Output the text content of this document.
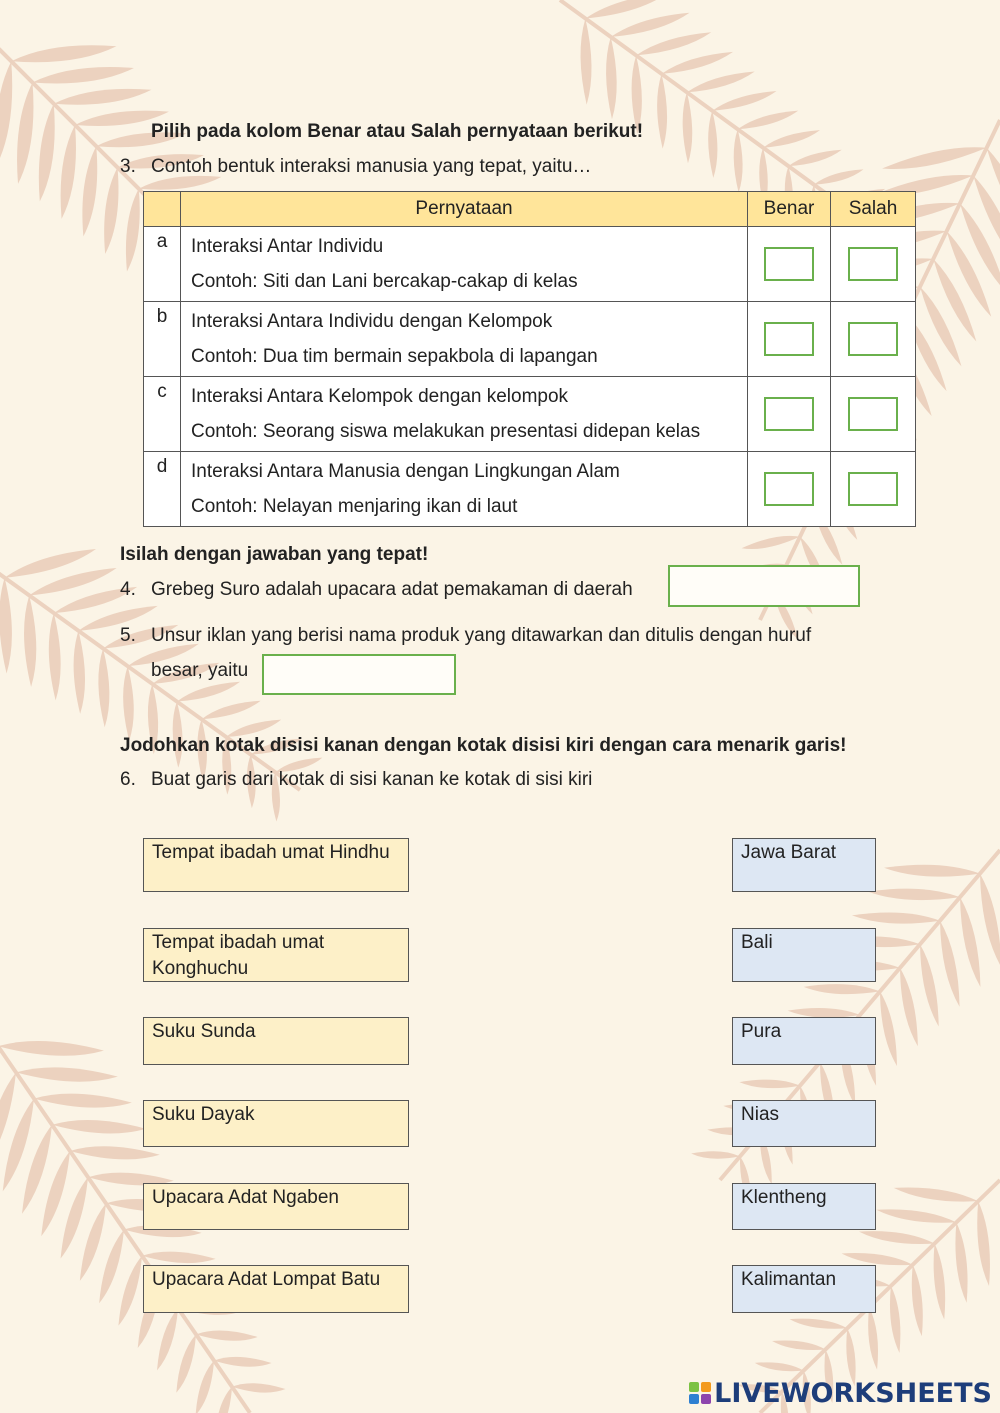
Pilih pada kolom Benar atau Salah pernyataan berikut!
3. Contoh bentuk interaksi manusia yang tepat, yaitu…
	Pernyataan	Benar	Salah
a	Interaksi Antar Individu
Contoh: Siti dan Lani bercakap-cakap di kelas		

b	Interaksi Antara Individu dengan Kelompok
Contoh: Dua tim bermain sepakbola di lapangan		

c	Interaksi Antara Kelompok dengan kelompok
Contoh: Seorang siswa melakukan presentasi didepan kelas		

d	Interaksi Antara Manusia dengan Lingkungan Alam
Contoh: Nelayan menjaring ikan di laut		

Isilah dengan jawaban yang tepat!
4. Grebeg Suro adalah upacara adat pemakaman di daerah
5. Unsur iklan yang berisi nama produk yang ditawarkan dan ditulis dengan huruf
besar, yaitu
Jodohkan kotak disisi kanan dengan kotak disisi kiri dengan cara menarik garis!
6. Buat garis dari kotak di sisi kanan ke kotak di sisi kiri
Tempat ibadah umat Hindhu
Tempat ibadah umat Konghuchu
Suku Sunda
Suku Dayak
Upacara Adat Ngaben
Upacara Adat Lompat Batu
Jawa Barat
Bali
Pura
Nias
Klentheng
Kalimantan
LIVEWORKSHEETS
